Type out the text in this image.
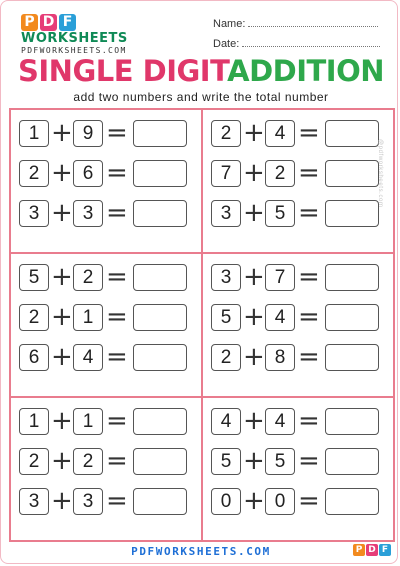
P D F
WORKSHEETS
PDFWORKSHEETS.COM
Name:
Date:
SINGLE DIGITADDITION
add two numbers and write the total number
1 + 9 =
2 + 6 =
3 + 3 =
2 + 4 =
7 + 2 =
3 + 5 =
5 + 2 =
2 + 1 =
6 + 4 =
3 + 7 =
5 + 4 =
2 + 8 =
1 + 1 =
2 + 2 =
3 + 3 =
4 + 4 =
5 + 5 =
0 + 0 =
@pdfworksheets.com
PDFWORKSHEETS.COM	P D F
